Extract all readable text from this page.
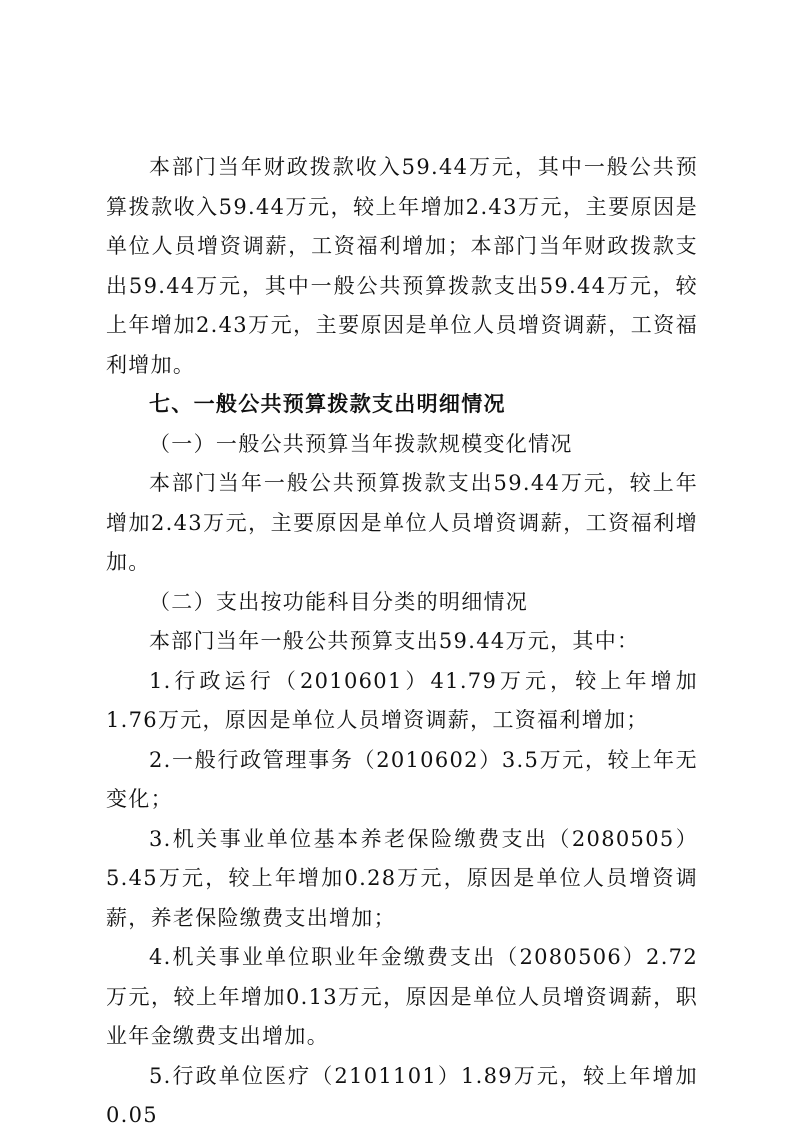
本部门当年财政拨款收入59.44万元，其中一般公共预算拨款收入59.44万元，较上年增加2.43万元，主要原因是单位人员增资调薪，工资福利增加；本部门当年财政拨款支出59.44万元，其中一般公共预算拨款支出59.44万元，较上年增加2.43万元，主要原因是单位人员增资调薪，工资福利增加。

七、一般公共预算拨款支出明细情况
（一）一般公共预算当年拨款规模变化情况

本部门当年一般公共预算拨款支出59.44万元，较上年增加2.43万元，主要原因是单位人员增资调薪，工资福利增加。

（二）支出按功能科目分类的明细情况

本部门当年一般公共预算支出59.44万元，其中：

1.行政运行（2010601）41.79万元，较上年增加1.76万元，原因是单位人员增资调薪，工资福利增加；

2.一般行政管理事务（2010602）3.5万元，较上年无变化；

3.机关事业单位基本养老保险缴费支出（2080505）5.45万元，较上年增加0.28万元，原因是单位人员增资调薪，养老保险缴费支出增加；

4.机关事业单位职业年金缴费支出（2080506）2.72万元，较上年增加0.13万元，原因是单位人员增资调薪，职业年金缴费支出增加。

5.行政单位医疗（2101101）1.89万元，较上年增加0.05
